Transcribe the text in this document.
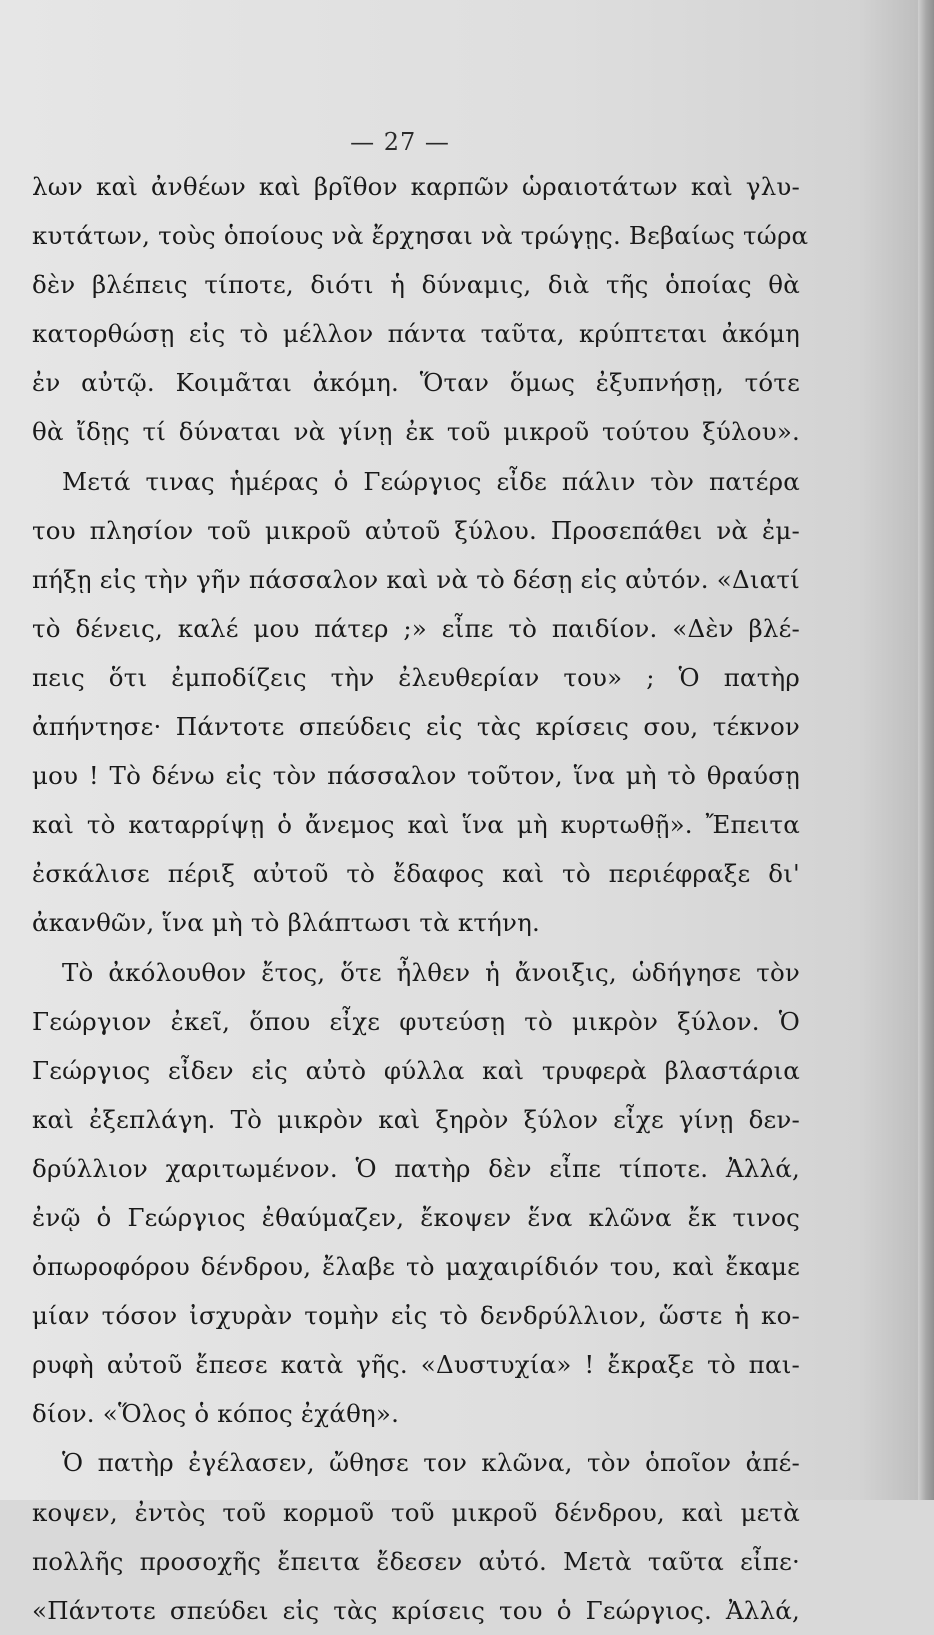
— 27 —
λων καὶ ἀνθέων καὶ βρῖθον καρπῶν ὡραιοτάτων καὶ γλυ-
κυτάτων, τοὺς ὁποίους νὰ ἔρχησαι νὰ τρώγῃς. Βεβαίως τώρα
δὲν βλέπεις τίποτε, διότι ἡ δύναμις, διὰ τῆς ὁποίας θὰ
κατορθώσῃ εἰς τὸ μέλλον πάντα ταῦτα, κρύπτεται ἀκόμη
ἐν αὐτῷ. Κοιμᾶται ἀκόμη. Ὅταν ὅμως ἐξυπνήσῃ, τότε
θὰ ἴδῃς τί δύναται νὰ γίνῃ ἐκ τοῦ μικροῦ τούτου ξύλου».
Μετά τινας ἡμέρας ὁ Γεώργιος εἶδε πάλιν τὸν πατέρα
του πλησίον τοῦ μικροῦ αὐτοῦ ξύλου. Προσεπάθει νὰ ἐμ-
πήξῃ εἰς τὴν γῆν πάσσαλον καὶ νὰ τὸ δέσῃ εἰς αὐτόν. «Διατί
τὸ δένεις, καλέ μου πάτερ ;» εἶπε τὸ παιδίον. «Δὲν βλέ-
πεις ὅτι ἐμποδίζεις τὴν ἐλευθερίαν του» ; Ὁ πατὴρ
ἀπήντησε· Πάντοτε σπεύδεις εἰς τὰς κρίσεις σου, τέκνον
μου ! Τὸ δένω εἰς τὸν πάσσαλον τοῦτον, ἵνα μὴ τὸ θραύσῃ
καὶ τὸ καταρρίψῃ ὁ ἄνεμος καὶ ἵνα μὴ κυρτωθῇ». Ἔπειτα
ἐσκάλισε πέριξ αὐτοῦ τὸ ἔδαφος καὶ τὸ περιέφραξε δι'
ἀκανθῶν, ἵνα μὴ τὸ βλάπτωσι τὰ κτήνη.
Τὸ ἀκόλουθον ἔτος, ὅτε ἦλθεν ἡ ἄνοιξις, ὡδήγησε τὸν
Γεώργιον ἐκεῖ, ὅπου εἶχε φυτεύσῃ τὸ μικρὸν ξύλον. Ὁ
Γεώργιος εἶδεν εἰς αὐτὸ φύλλα καὶ τρυφερὰ βλαστάρια
καὶ ἐξεπλάγη. Τὸ μικρὸν καὶ ξηρὸν ξύλον εἶχε γίνῃ δεν-
δρύλλιον χαριτωμένον. Ὁ πατὴρ δὲν εἶπε τίποτε. Ἀλλά,
ἐνῷ ὁ Γεώργιος ἐθαύμαζεν, ἔκοψεν ἕνα κλῶνα ἔκ τινος
ὀπωροφόρου δένδρου, ἔλαβε τὸ μαχαιρίδιόν του, καὶ ἔκαμε
μίαν τόσον ἰσχυρὰν τομὴν εἰς τὸ δενδρύλλιον, ὥστε ἡ κο-
ρυφὴ αὐτοῦ ἔπεσε κατὰ γῆς. «Δυστυχία» ! ἔκραξε τὸ παι-
δίον. «Ὅλος ὁ κόπος ἐχάθη».
Ὁ πατὴρ ἐγέλασεν, ὤθησε τον κλῶνα, τὸν ὁποῖον ἀπέ-
κοψεν, ἐντὸς τοῦ κορμοῦ τοῦ μικροῦ δένδρου, καὶ μετὰ
πολλῆς προσοχῆς ἔπειτα ἔδεσεν αὐτό. Μετὰ ταῦτα εἶπε·
«Πάντοτε σπεύδει εἰς τὰς κρίσεις του ὁ Γεώργιος. Ἀλλά,
